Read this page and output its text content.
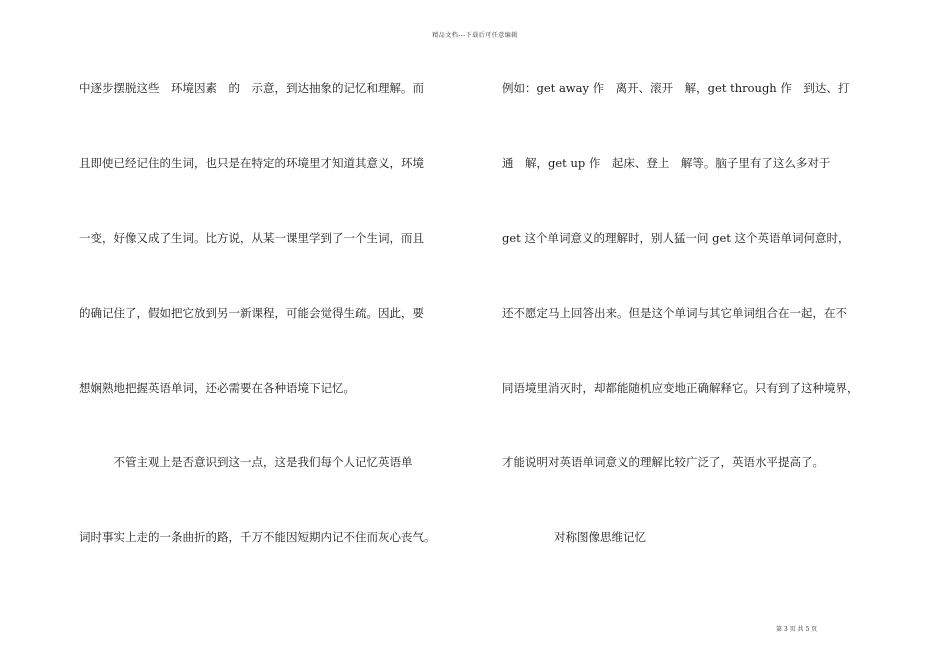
精品文档---下载后可任意编辑
中逐步摆脱这些　环境因素　的　示意，到达抽象的记忆和理解。而
且即使已经记住的生词，也只是在特定的环境里才知道其意义，环境
一变，好像又成了生词。比方说，从某一课里学到了一个生词，而且
的确记住了，假如把它放到另一新课程，可能会觉得生疏。因此，要
想娴熟地把握英语单词，还必需要在各种语境下记忆。
　　　不管主观上是否意识到这一点，这是我们每个人记忆英语单
词时事实上走的一条曲折的路，千万不能因短期内记不住而灰心丧气。
例如：get away 作　离开、滚开　解，get through 作　到达、打
通　解，get up 作　起床、登上　解等。脑子里有了这么多对于
get 这个单词意义的理解时，别人猛一问 get 这个英语单词何意时，
还不愿定马上回答出来。但是这个单词与其它单词组合在一起，在不
同语境里消灭时，却都能随机应变地正确解释它。只有到了这种境界，
才能说明对英语单词意义的理解比较广泛了，英语水平提高了。
对称图像思维记忆
第 3 页 共 5 页
